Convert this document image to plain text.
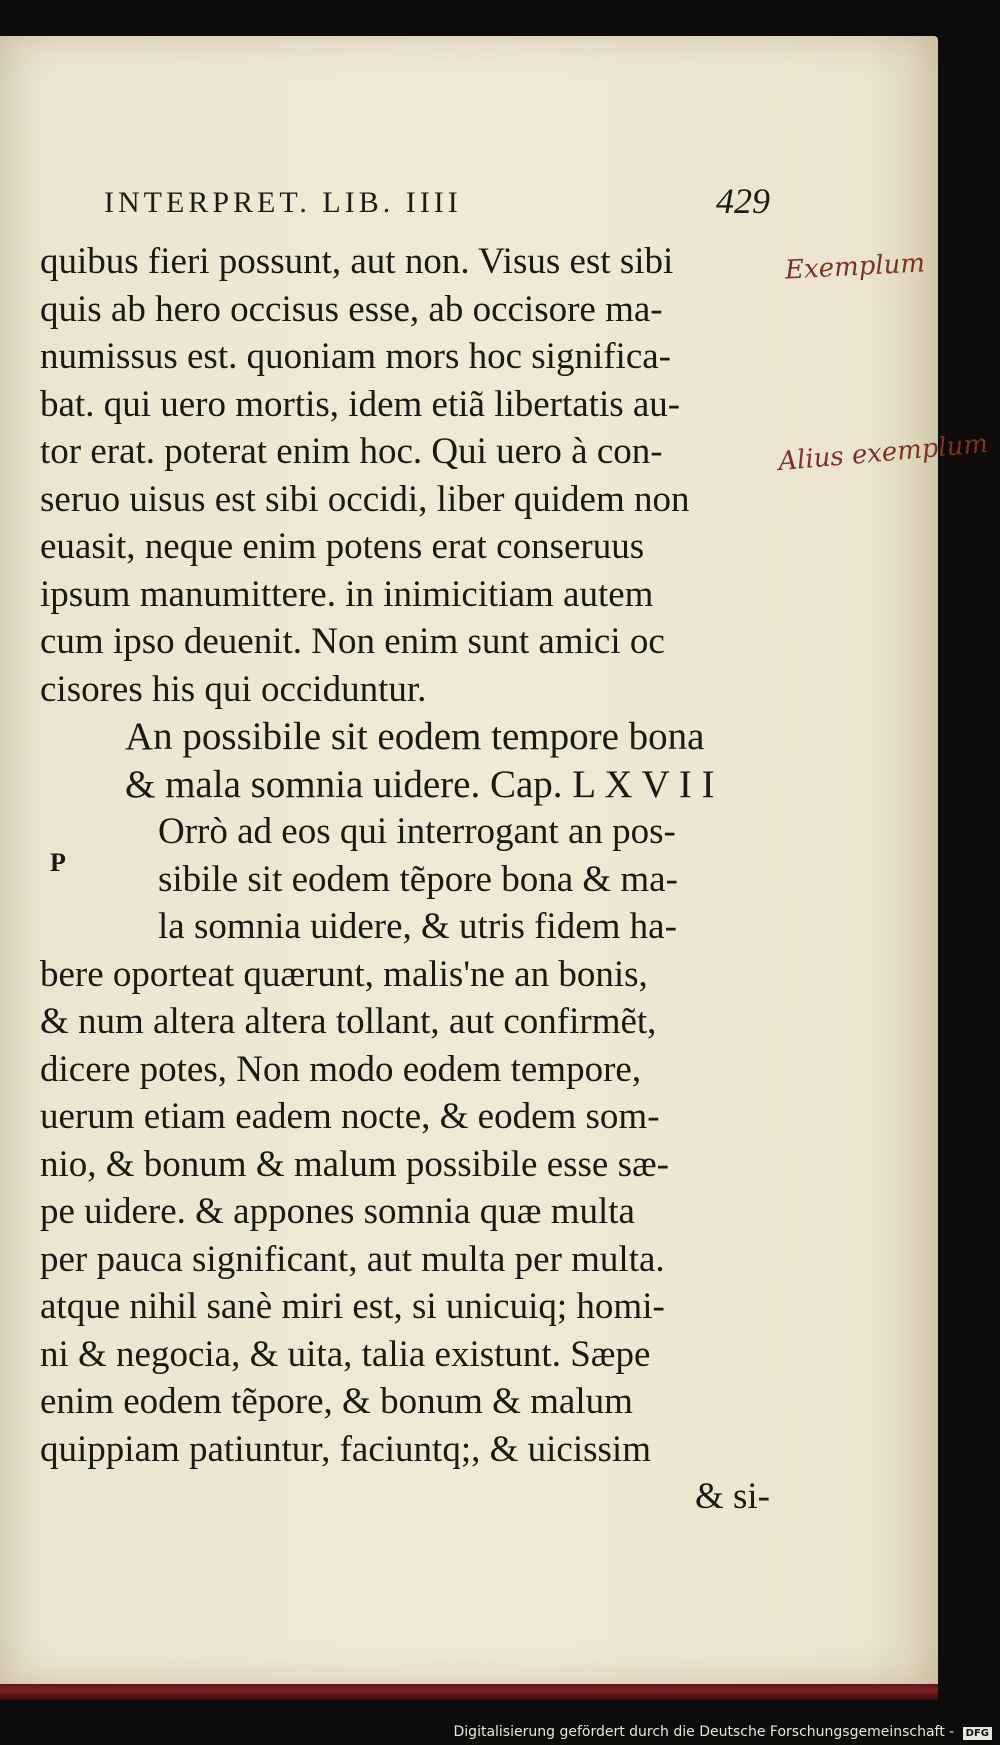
INTERPRET. LIB. IIII	429
Exemplum
Alius exemplum
P
quibus fieri possunt, aut non. Visus est sibi
quis ab hero occisus esse, ab occisore ma-
numissus est. quoniam mors hoc significa-
bat. qui uero mortis, idem etiã libertatis au-
tor erat. poterat enim hoc. Qui uero à con-
seruo uisus est sibi occidi, liber quidem non
euasit, neque enim potens erat conseruus
ipsum manumittere. in inimicitiam autem
cum ipso deuenit. Non enim sunt amici oc
cisores his qui occiduntur.
An possibile sit eodem tempore bona
& mala somnia uidere. Cap. L X V I I
Orrò ad eos qui interrogant an pos-
sibile sit eodem tẽpore bona & ma-
la somnia uidere, & utris fidem ha-
bere oporteat quærunt, malis'ne an bonis,
& num altera altera tollant, aut confirmẽt,
dicere potes, Non modo eodem tempore,
uerum etiam eadem nocte, & eodem som-
nio, & bonum & malum possibile esse sæ-
pe uidere. & appones somnia quæ multa
per pauca significant, aut multa per multa.
atque nihil sanè miri est, si unicuiq; homi-
ni & negocia, & uita, talia existunt. Sæpe
enim eodem tẽpore, & bonum & malum
quippiam patiuntur, faciuntq;, & uicissim
& si-
Digitalisierung gefördert durch die Deutsche Forschungsgemeinschaft - DFG
